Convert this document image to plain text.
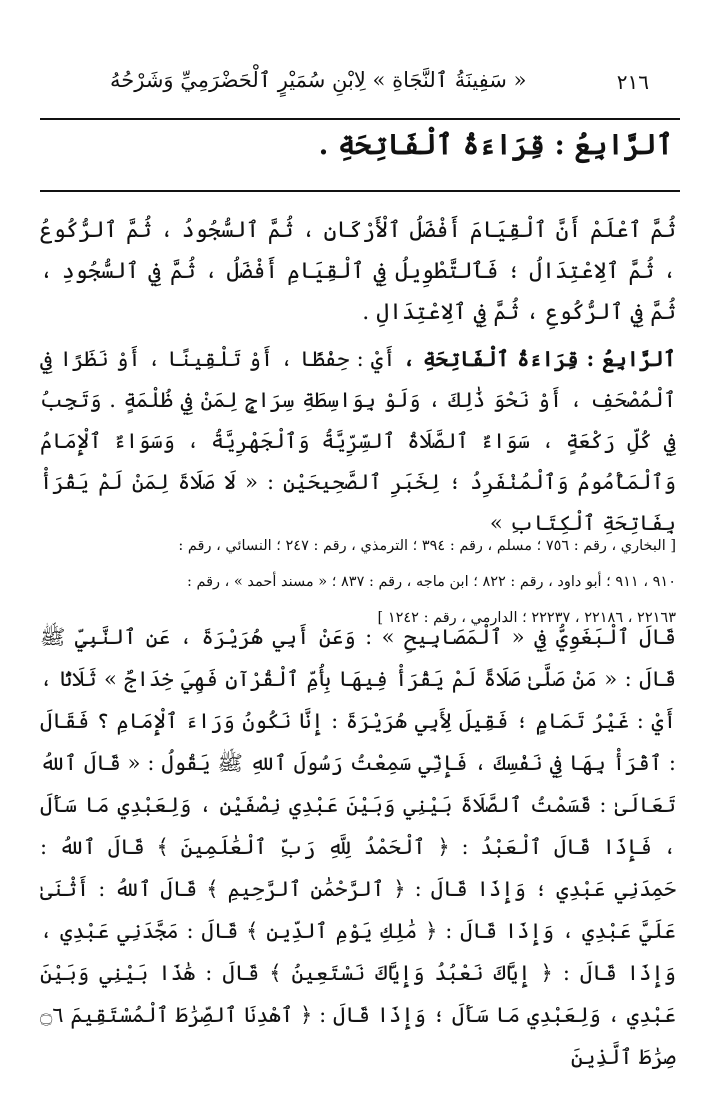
٢١٦
« سَفِينَةُ ٱلنَّجَاةِ » لِابْنِ سُمَيْرٍ ٱلْحَضْرَمِيِّ وَشَرْحُهُ
ٱلرَّابِعُ : قِرَاءَةُ ٱلْفَاتِحَةِ .
ثُمَّ ٱعْلَمْ أَنَّ ٱلْقِيَامَ أَفْضَلُ ٱلْأَرْكَانِ ، ثُمَّ ٱلسُّجُودُ ، ثُمَّ ٱلرُّكُوعُ ، ثُمَّ ٱلِاعْتِدَالُ ؛ فَٱلتَّطْوِيلُ فِي ٱلْقِيَامِ أَفْضَلُ ، ثُمَّ فِي ٱلسُّجُودِ ، ثُمَّ فِي ٱلرُّكُوعِ ، ثُمَّ فِي ٱلِاعْتِدَالِ .
ٱلرَّابِعُ : قِرَاءَةُ ٱلْفَاتِحَةِ ، أَيْ : حِفْظًا ، أَوْ تَلْقِينًا ، أَوْ نَظَرًا فِي ٱلْمُصْحَفِ ، أَوْ نَحْوَ ذَٰلِكَ ، وَلَوْ بِوَاسِطَةِ سِرَاجٍ لِمَنْ فِي ظُلْمَةٍ . وَتَجِبُ فِي كُلِّ رَكْعَةٍ ، سَوَاءٌ ٱلصَّلَاةُ ٱلسِّرِّيَّةُ وَٱلْجَهْرِيَّةُ ، وَسَوَاءٌ ٱلْإِمَامُ وَٱلْمَأْمُومُ وَٱلْمُنْفَرِدُ ؛ لِخَبَرِ ٱلصَّحِيحَيْنِ : « لَا صَلَاةَ لِمَنْ لَمْ يَقْرَأْ بِفَاتِحَةِ ٱلْكِتَابِ »
[ البخاري ، رقم : ٧٥٦ ؛ مسلم ، رقم : ٣٩٤ ؛ الترمذي ، رقم : ٢٤٧ ؛ النسائي ، رقم :
٩١٠ ، ٩١١ ؛ أبو داود ، رقم : ٨٢٢ ؛ ابن ماجه ، رقم : ٨٣٧ ؛ « مسند أحمد » ، رقم :
٢٢١٦٣ ، ٢٢١٨٦ ، ٢٢٢٣٧ ؛ الدارمي ، رقم : ١٢٤٢ ]
قَالَ ٱلْبَغَوِيُّ فِي « ٱلْمَصَابِيحِ » : وَعَنْ أَبِي هُرَيْرَةَ ، عَنِ ٱلنَّبِيِّ ﷺ قَالَ : « مَنْ صَلَّىٰ صَلَاةً لَمْ يَقْرَأْ فِيهَا بِأُمِّ ٱلْقُرْآنِ فَهِيَ خِدَاجٌ » ثَلَاثًا ، أَيْ : غَيْرُ تَمَامٍ ؛ فَقِيلَ لِأَبِي هُرَيْرَةَ : إِنَّا نَكُونُ وَرَاءَ ٱلْإِمَامِ ؟ فَقَالَ : ٱقْرَأْ بِهَا فِي نَفْسِكَ ، فَإِنِّي سَمِعْتُ رَسُولَ ٱللهِ ﷺ يَقُولُ : « قَالَ ٱللهُ تَعَالَىٰ : قَسَمْتُ ٱلصَّلَاةَ بَيْنِي وَبَيْنَ عَبْدِي نِصْفَيْنِ ، وَلِعَبْدِي مَا سَأَلَ ، فَإِذَا قَالَ ٱلْعَبْدُ : ﴿ ٱلْحَمْدُ لِلَّهِ رَبِّ ٱلْعَٰلَمِينَ ﴾ قَالَ ٱللهُ : حَمِدَنِي عَبْدِي ؛ وَإِذَا قَالَ : ﴿ ٱلرَّحْمَٰنِ ٱلرَّحِيمِ ﴾ قَالَ ٱللهُ : أَثْنَىٰ عَلَيَّ عَبْدِي ، وَإِذَا قَالَ : ﴿ مَٰلِكِ يَوْمِ ٱلدِّينِ ﴾ قَالَ : مَجَّدَنِي عَبْدِي ، وَإِذَا قَالَ : ﴿ إِيَّاكَ نَعْبُدُ وَإِيَّاكَ نَسْتَعِينُ ﴾ قَالَ : هَٰذَا بَيْنِي وَبَيْنَ عَبْدِي ، وَلِعَبْدِي مَا سَأَلَ ؛ وَإِذَا قَالَ : ﴿ ٱهْدِنَا ٱلصِّرَٰطَ ٱلْمُسْتَقِيمَ ۝٦ صِرَٰطَ ٱلَّذِينَ
